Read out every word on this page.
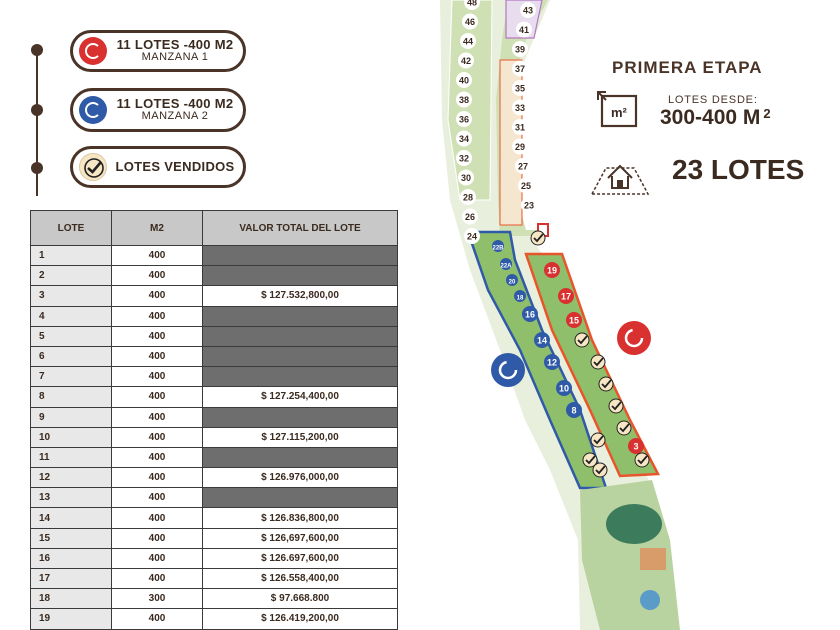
11 LOTES -400 M2
MANZANA 1
11 LOTES -400 M2
MANZANA 2
LOTES VENDIDOS
LOTE	M2	VALOR TOTAL DEL LOTE
1	400	
2	400	
3	400	$ 127.532,800,00
4	400	
5	400	
6	400	
7	400	
8	400	$ 127.254,400,00
9	400	
10	400	$ 127.115,200,00
11	400	
12	400	$ 126.976,000,00
13	400	
14	400	$ 126.836,800,00
15	400	$ 126,697,600,00
16	400	$ 126.697,600,00
17	400	$ 126.558,400,00
18	300	$ 97.668.800
19	400	$ 126.419,200,00
48
46
44
42
40
38
36
34
32
30
28
26
24
43
41
39
37
35
33
31
29
27
25
23
22B
22A
20
18
16
14
12
10
8
19
17
15
3
PRIMERA ETAPA
m²
LOTES DESDE:
300-400 M $^2$
23 LOTES
